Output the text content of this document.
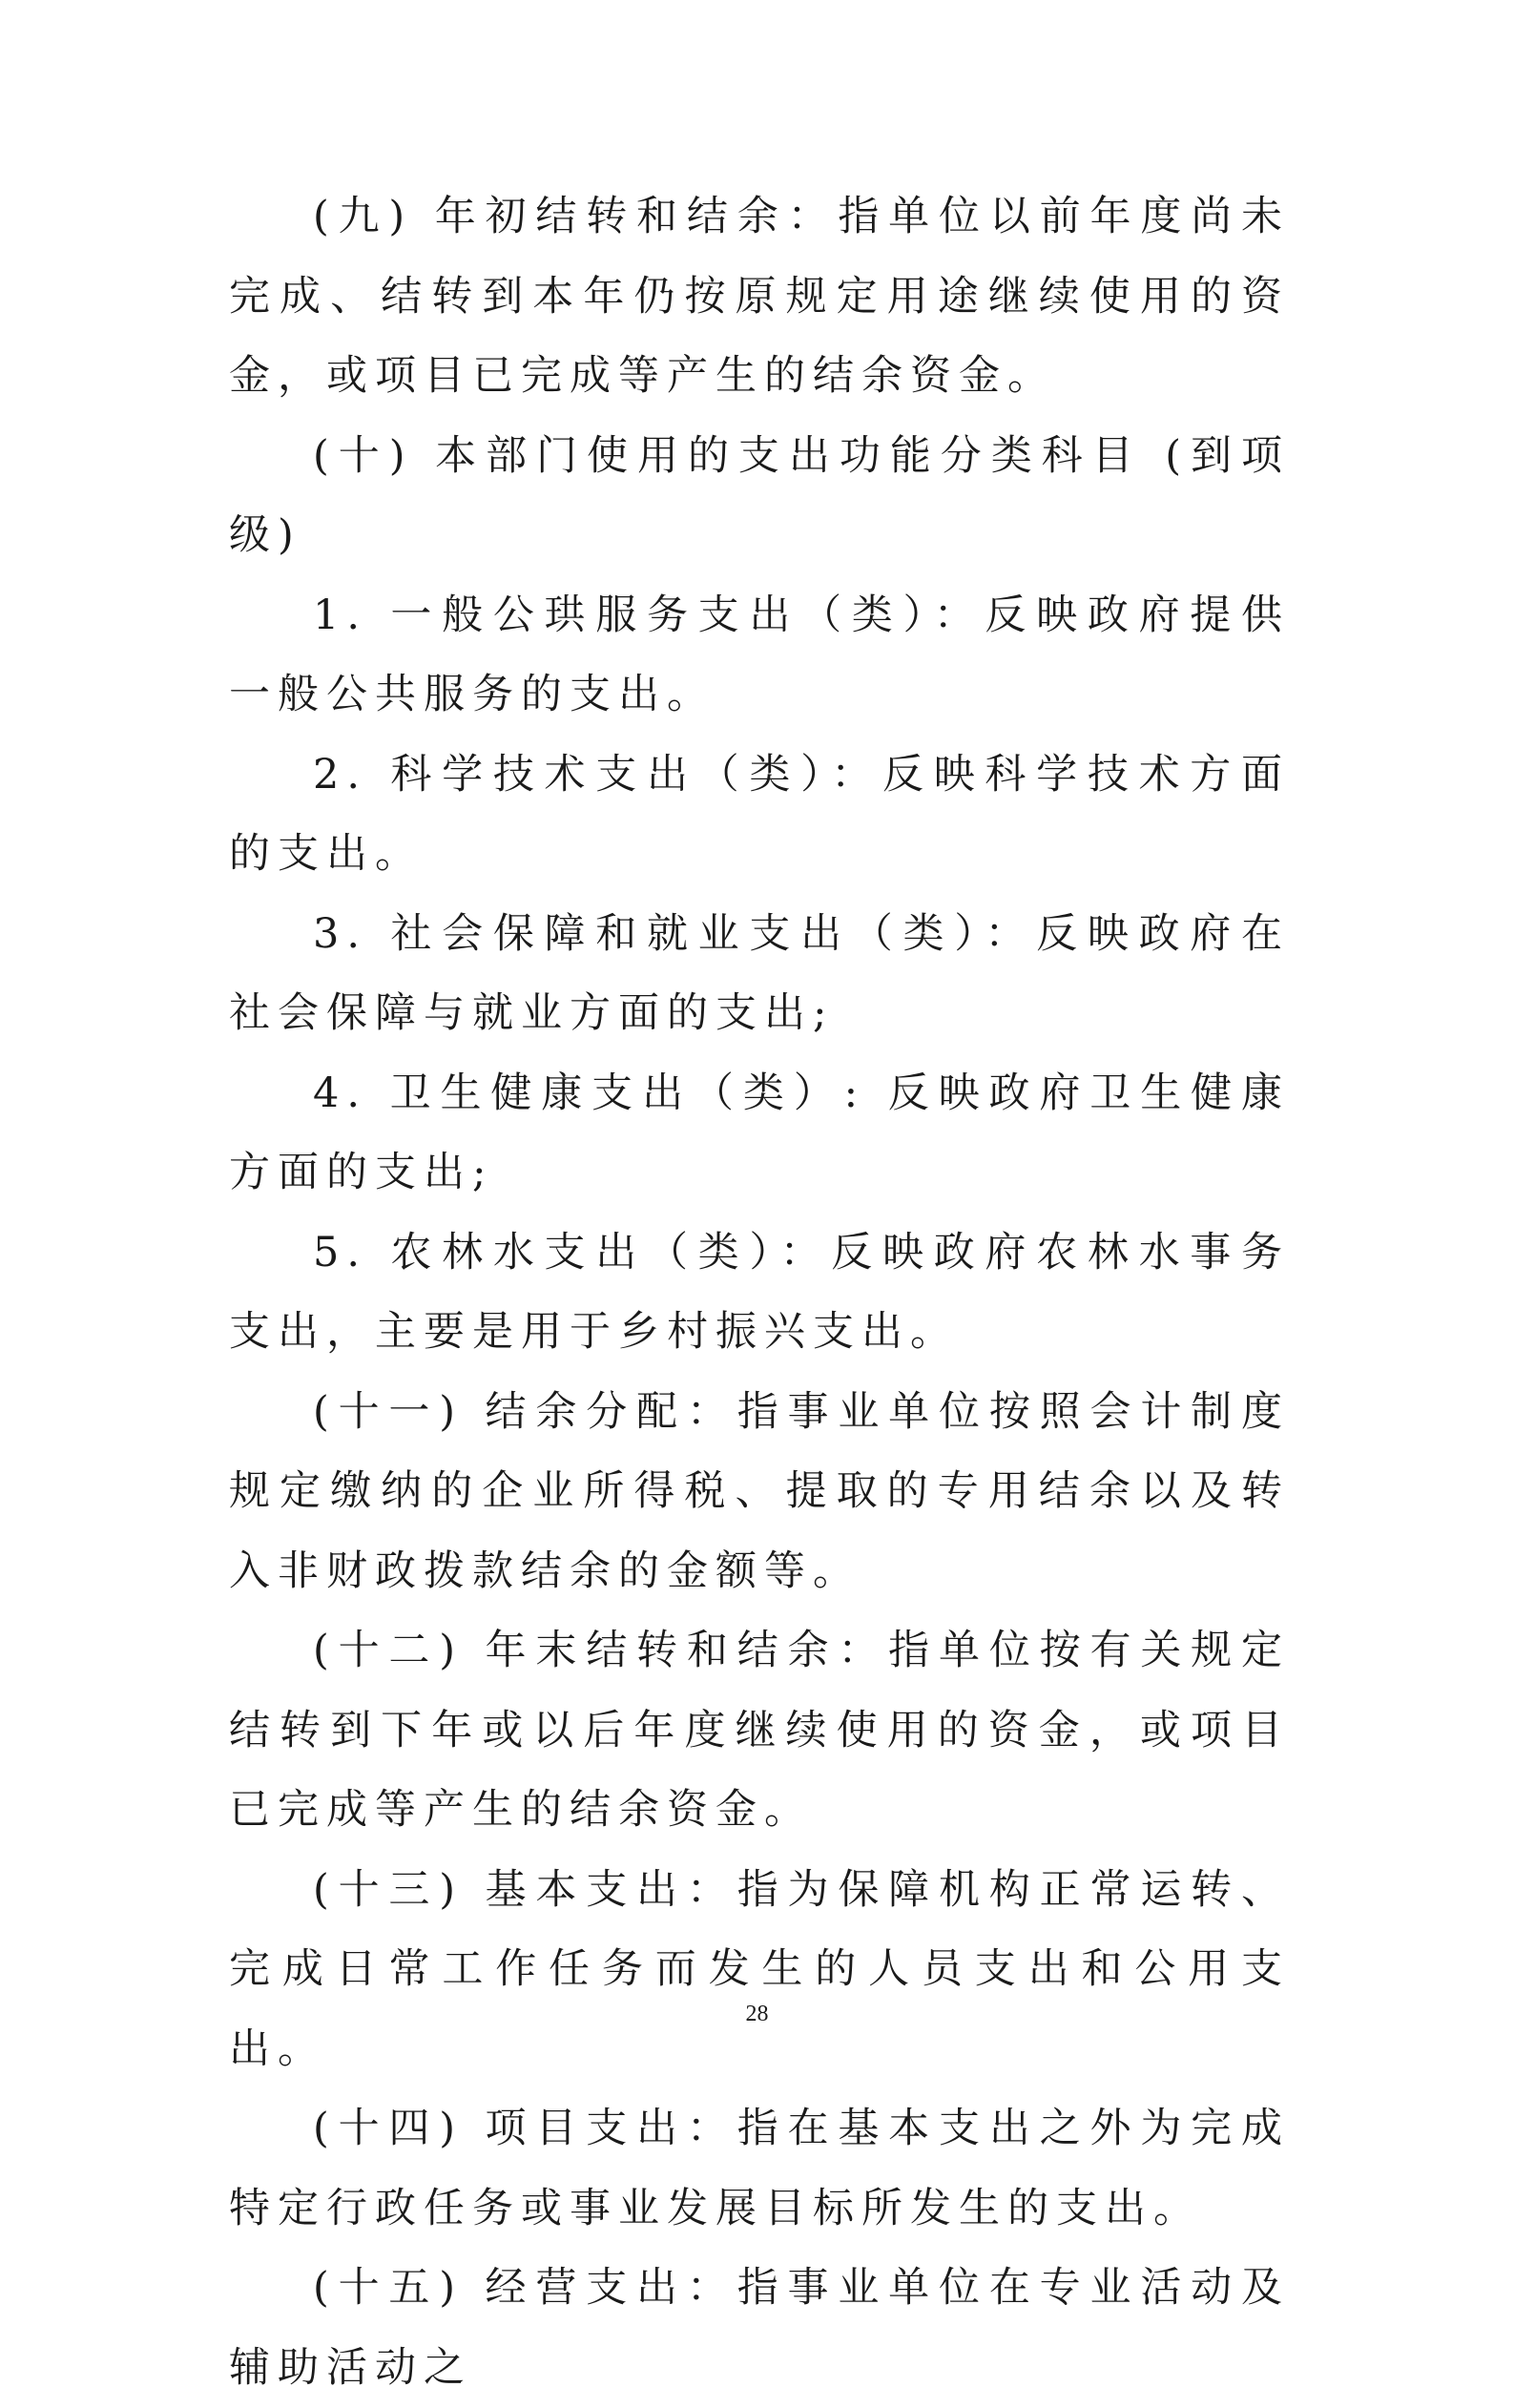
(九) 年初结转和结余：指单位以前年度尚未完成、结转到本年仍按原规定用途继续使用的资金，或项目已完成等产生的结余资金。

(十) 本部门使用的支出功能分类科目 (到项级)

1. 一般公珙服务支出（类）：反映政府提供一般公共服务的支出。

2. 科学技术支出（类）：反映科学技术方面的支出。

3. 社会保障和就业支出（类）：反映政府在社会保障与就业方面的支出;

4. 卫生健康支出（类）: 反映政府卫生健康方面的支出;

5. 农林水支出（类）：反映政府农林水事务支出，主要是用于乡村振兴支出。

(十一) 结余分配：指事业单位按照会计制度规定缴纳的企业所得税、提取的专用结余以及转入非财政拨款结余的金额等。

(十二) 年末结转和结余：指单位按有关规定结转到下年或以后年度继续使用的资金，或项目已完成等产生的结余资金。

(十三) 基本支出：指为保障机构正常运转、完成日常工作任务而发生的人员支出和公用支出。

(十四) 项目支出：指在基本支出之外为完成特定行政任务或事业发展目标所发生的支出。

(十五) 经营支出：指事业单位在专业活动及辅助活动之

28
